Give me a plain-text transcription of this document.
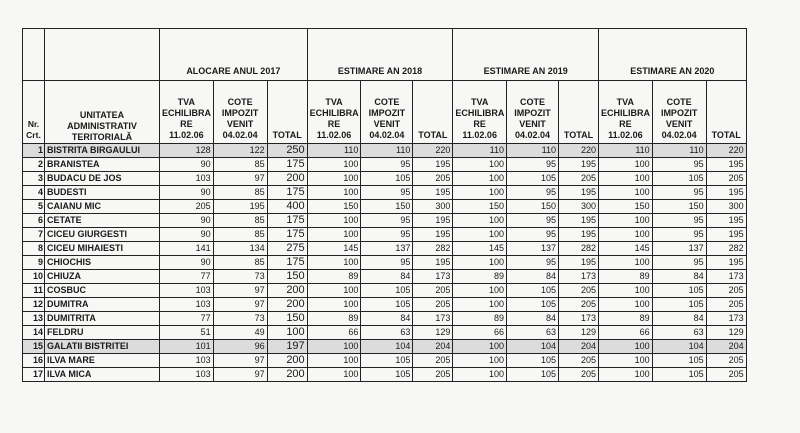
		ALOCARE ANUL 2017			ESTIMARE AN 2018			ESTIMARE AN 2019			ESTIMARE AN 2020		
Nr. Crt.	UNITATEA ADMINISTRATIV TERITORIALĂ	TVA ECHILIBRA RE 11.02.06	COTE IMPOZIT VENIT 04.02.04	TOTAL	TVA ECHILIBRA RE 11.02.06	COTE IMPOZIT VENIT 04.02.04	TOTAL	TVA ECHILIBRA RE 11.02.06	COTE IMPOZIT VENIT 04.02.04	TOTAL	TVA ECHILIBRA RE 11.02.06	COTE IMPOZIT VENIT 04.02.04	TOTAL
1	BISTRITA BIRGAULUI	128	122	250	110	110	220	110	110	220	110	110	220
2	BRANISTEA	90	85	175	100	95	195	100	95	195	100	95	195
3	BUDACU DE JOS	103	97	200	100	105	205	100	105	205	100	105	205
4	BUDESTI	90	85	175	100	95	195	100	95	195	100	95	195
5	CAIANU MIC	205	195	400	150	150	300	150	150	300	150	150	300
6	CETATE	90	85	175	100	95	195	100	95	195	100	95	195
7	CICEU GIURGESTI	90	85	175	100	95	195	100	95	195	100	95	195
8	CICEU MIHAIESTI	141	134	275	145	137	282	145	137	282	145	137	282
9	CHIOCHIS	90	85	175	100	95	195	100	95	195	100	95	195
10	CHIUZA	77	73	150	89	84	173	89	84	173	89	84	173
11	COSBUC	103	97	200	100	105	205	100	105	205	100	105	205
12	DUMITRA	103	97	200	100	105	205	100	105	205	100	105	205
13	DUMITRITA	77	73	150	89	84	173	89	84	173	89	84	173
14	FELDRU	51	49	100	66	63	129	66	63	129	66	63	129
15	GALATII BISTRITEI	101	96	197	100	104	204	100	104	204	100	104	204
16	ILVA MARE	103	97	200	100	105	205	100	105	205	100	105	205
17	ILVA MICA	103	97	200	100	105	205	100	105	205	100	105	205
